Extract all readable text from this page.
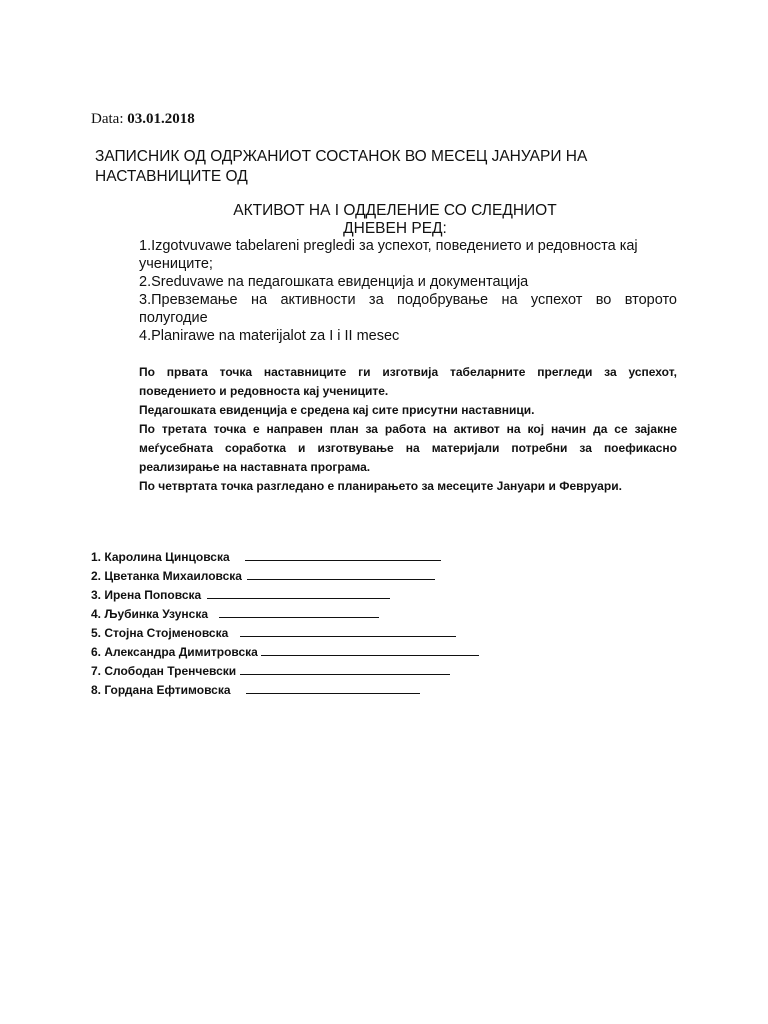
Data: 03.01.2018
ЗАПИСНИК ОД ОДРЖАНИОТ СОСТАНОК ВО МЕСЕЦ ЈАНУАРИ НА НАСТАВНИЦИТЕ ОД
АКТИВОТ НА I ОДДЕЛЕНИЕ СО СЛЕДНИОТ
ДНЕВЕН РЕД:

1.Izgotvuvawe tabelareni pregledi за успехот, поведението и редовноста кај учениците;

2.Sreduvawe na педагошката евиденција и документација

3.Превземање на активности за подобрување на успехот во второто

полугодие

4.Planirawe na materijalot za I i II mesec

По првата точка наставниците ги изготвија табеларните прегледи за успехот, поведението и редовноста кај учениците.

Педагошката евиденција е средена кај сите присутни наставници.

По третата точка е направен план за работа на активот на кој начин да се зајакне меѓусебната соработка и изготвување на материјали потребни за поефикасно реализирање на наставната програма.

По четвртата точка разгледано е планирањето за месеците Јануари и Февруари.

1. Каролина Цинцовска
2. Цветанка Михаиловска
3. Ирена Поповска
4. Љубинка Узунска
5. Стојна Стојменовска
6. Александра Димитровска
7. Слободан Тренчевски
8. Гордана Ефтимовска
